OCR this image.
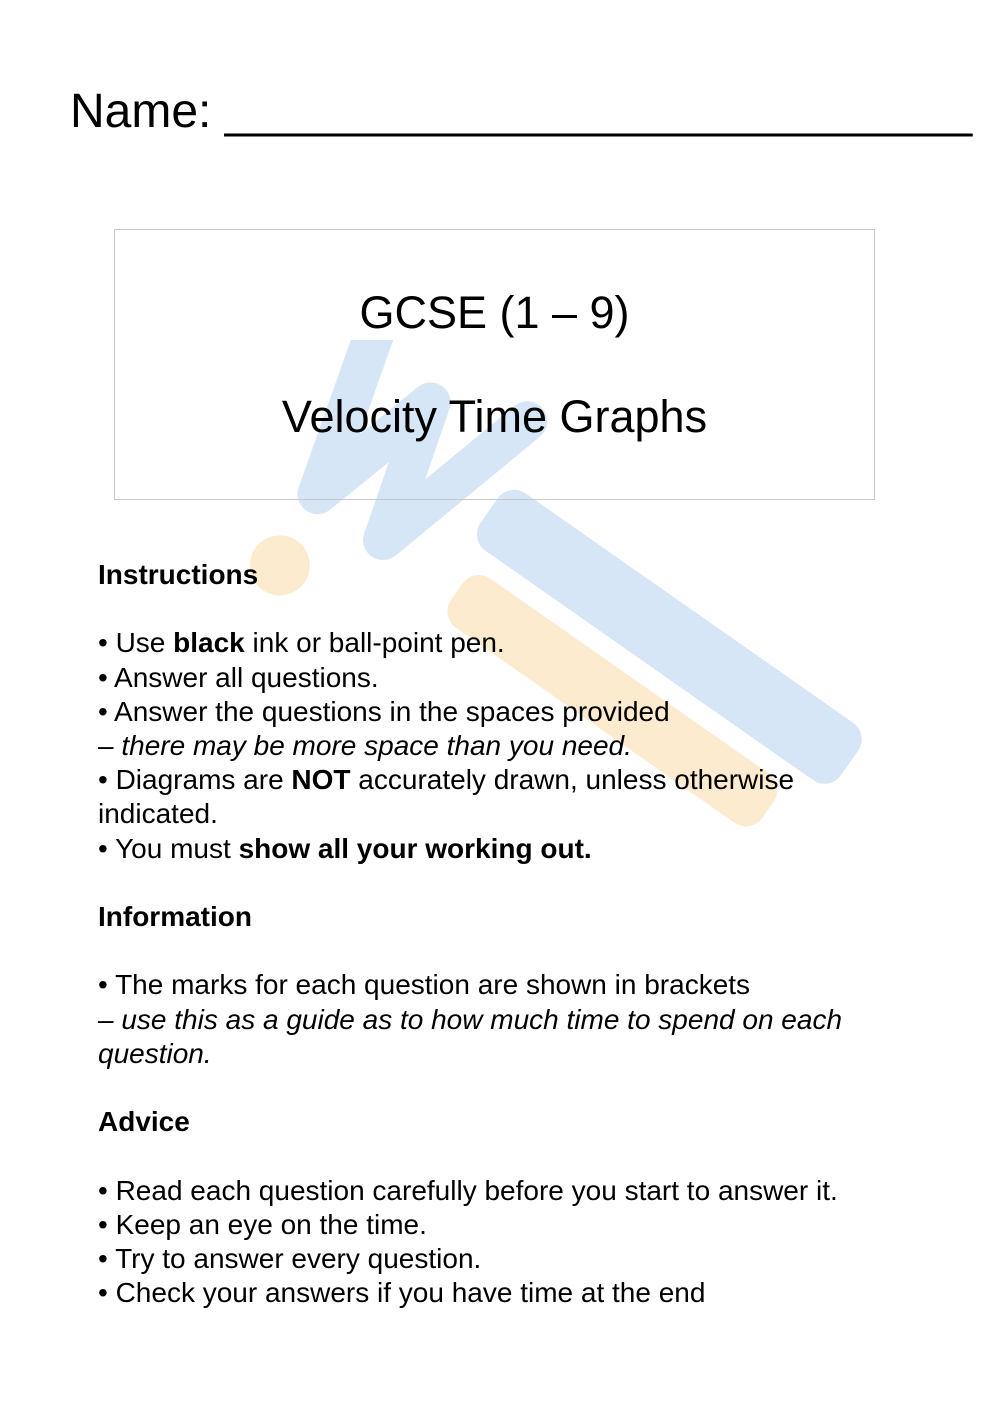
Name: ____________________________
GCSE (1 – 9)
Velocity Time Graphs

Instructions

• Use black ink or ball-point pen.

• Answer all questions.

• Answer the questions in the spaces provided

– there may be more space than you need.

• Diagrams are NOT accurately drawn, unless otherwise

indicated.

• You must show all your working out.

Information

• The marks for each question are shown in brackets

– use this as a guide as to how much time to spend on each

question.

Advice

• Read each question carefully before you start to answer it.

• Keep an eye on the time.

• Try to answer every question.

• Check your answers if you have time at the end
